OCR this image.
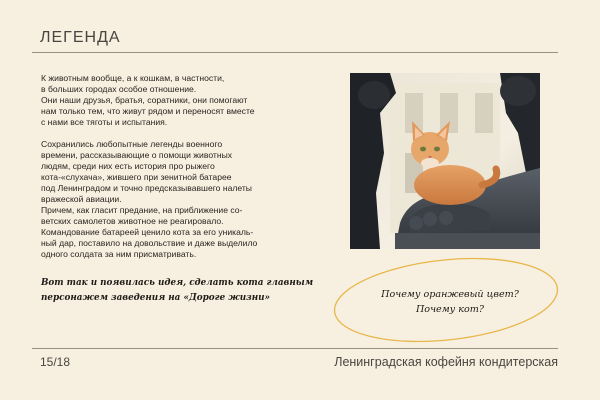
ЛЕГЕНДА

К животным вообще, а к кошкам, в частности,
в больших городах особое отношение.
Они наши друзья, братья, соратники, они помогают
нам только тем, что живут рядом и переносят вместе
с нами все тяготы и испытания.

Сохранились любопытные легенды военного
времени, рассказывающие о помощи животных
людям, среди них есть история про рыжего
кота-«слухача», жившего при зенитной батарее
под Ленинградом и точно предсказывавшего налеты
вражеской авиации.
Причем, как гласит предание, на приближение со-
ветских самолетов животное не реагировало.
Командование батареей ценило кота за его уникаль-
ный дар, поставило на довольствие и даже выделило
одного солдата за ним присматривать.

Вот так и появилась идея, сделать кота главным
персонажем заведения на «Дороге жизни»	Почему оранжевый цвет?
Почему кот?
15/18	Ленинградская кофейня кондитерская
